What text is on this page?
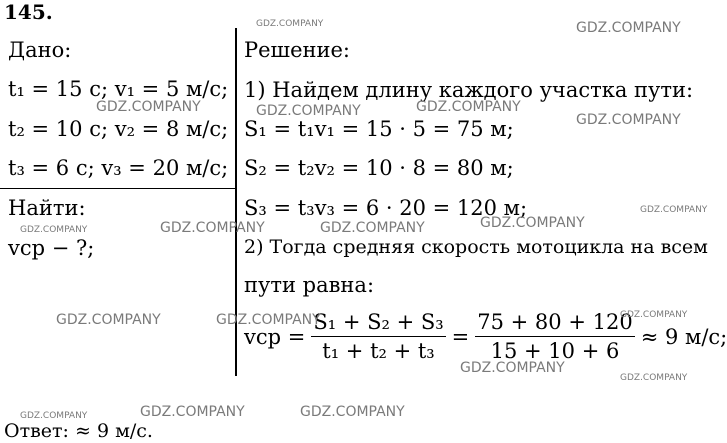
145.
Дано:
t₁ = 15 с; v₁ = 5 м/с;
t₂ = 10 с; v₂ = 8 м/с;
t₃ = 6 с; v₃ = 20 м/с;
Найти:
vср − ?;
Решение:
1) Найдем длину каждого участка пути:
S₁ = t₁v₁ = 15 · 5 = 75 м;
S₂ = t₂v₂ = 10 · 8 = 80 м;
S₃ = t₃v₃ = 6 · 20 = 120 м;
2) Тогда средняя скорость мотоцикла на всем
пути равна:
vср = $\frac{\text{S₁ + S₂ + S₃}}{\text{t₁ + t₂ + t₃}} = \frac{75 + 80 + 120}{15 + 10 + 6} \approx 9$ м/с;
Ответ: ≈ 9 м/с.
GDZ.COMPANY	GDZ.COMPANY
GDZ.COMPANY	GDZ.COMPANY	GDZ.COMPANY
GDZ.COMPANY
GDZ.COMPANY
GDZ.COMPANY	GDZ.COMPANY	GDZ.COMPANY	GDZ.COMPANY
GDZ.COMPANY	GDZ.COMPANY	GDZ.COMPANY
GDZ.COMPANY
GDZ.COMPANY
GDZ.COMPANY	GDZ.COMPANY	GDZ.COMPANY
